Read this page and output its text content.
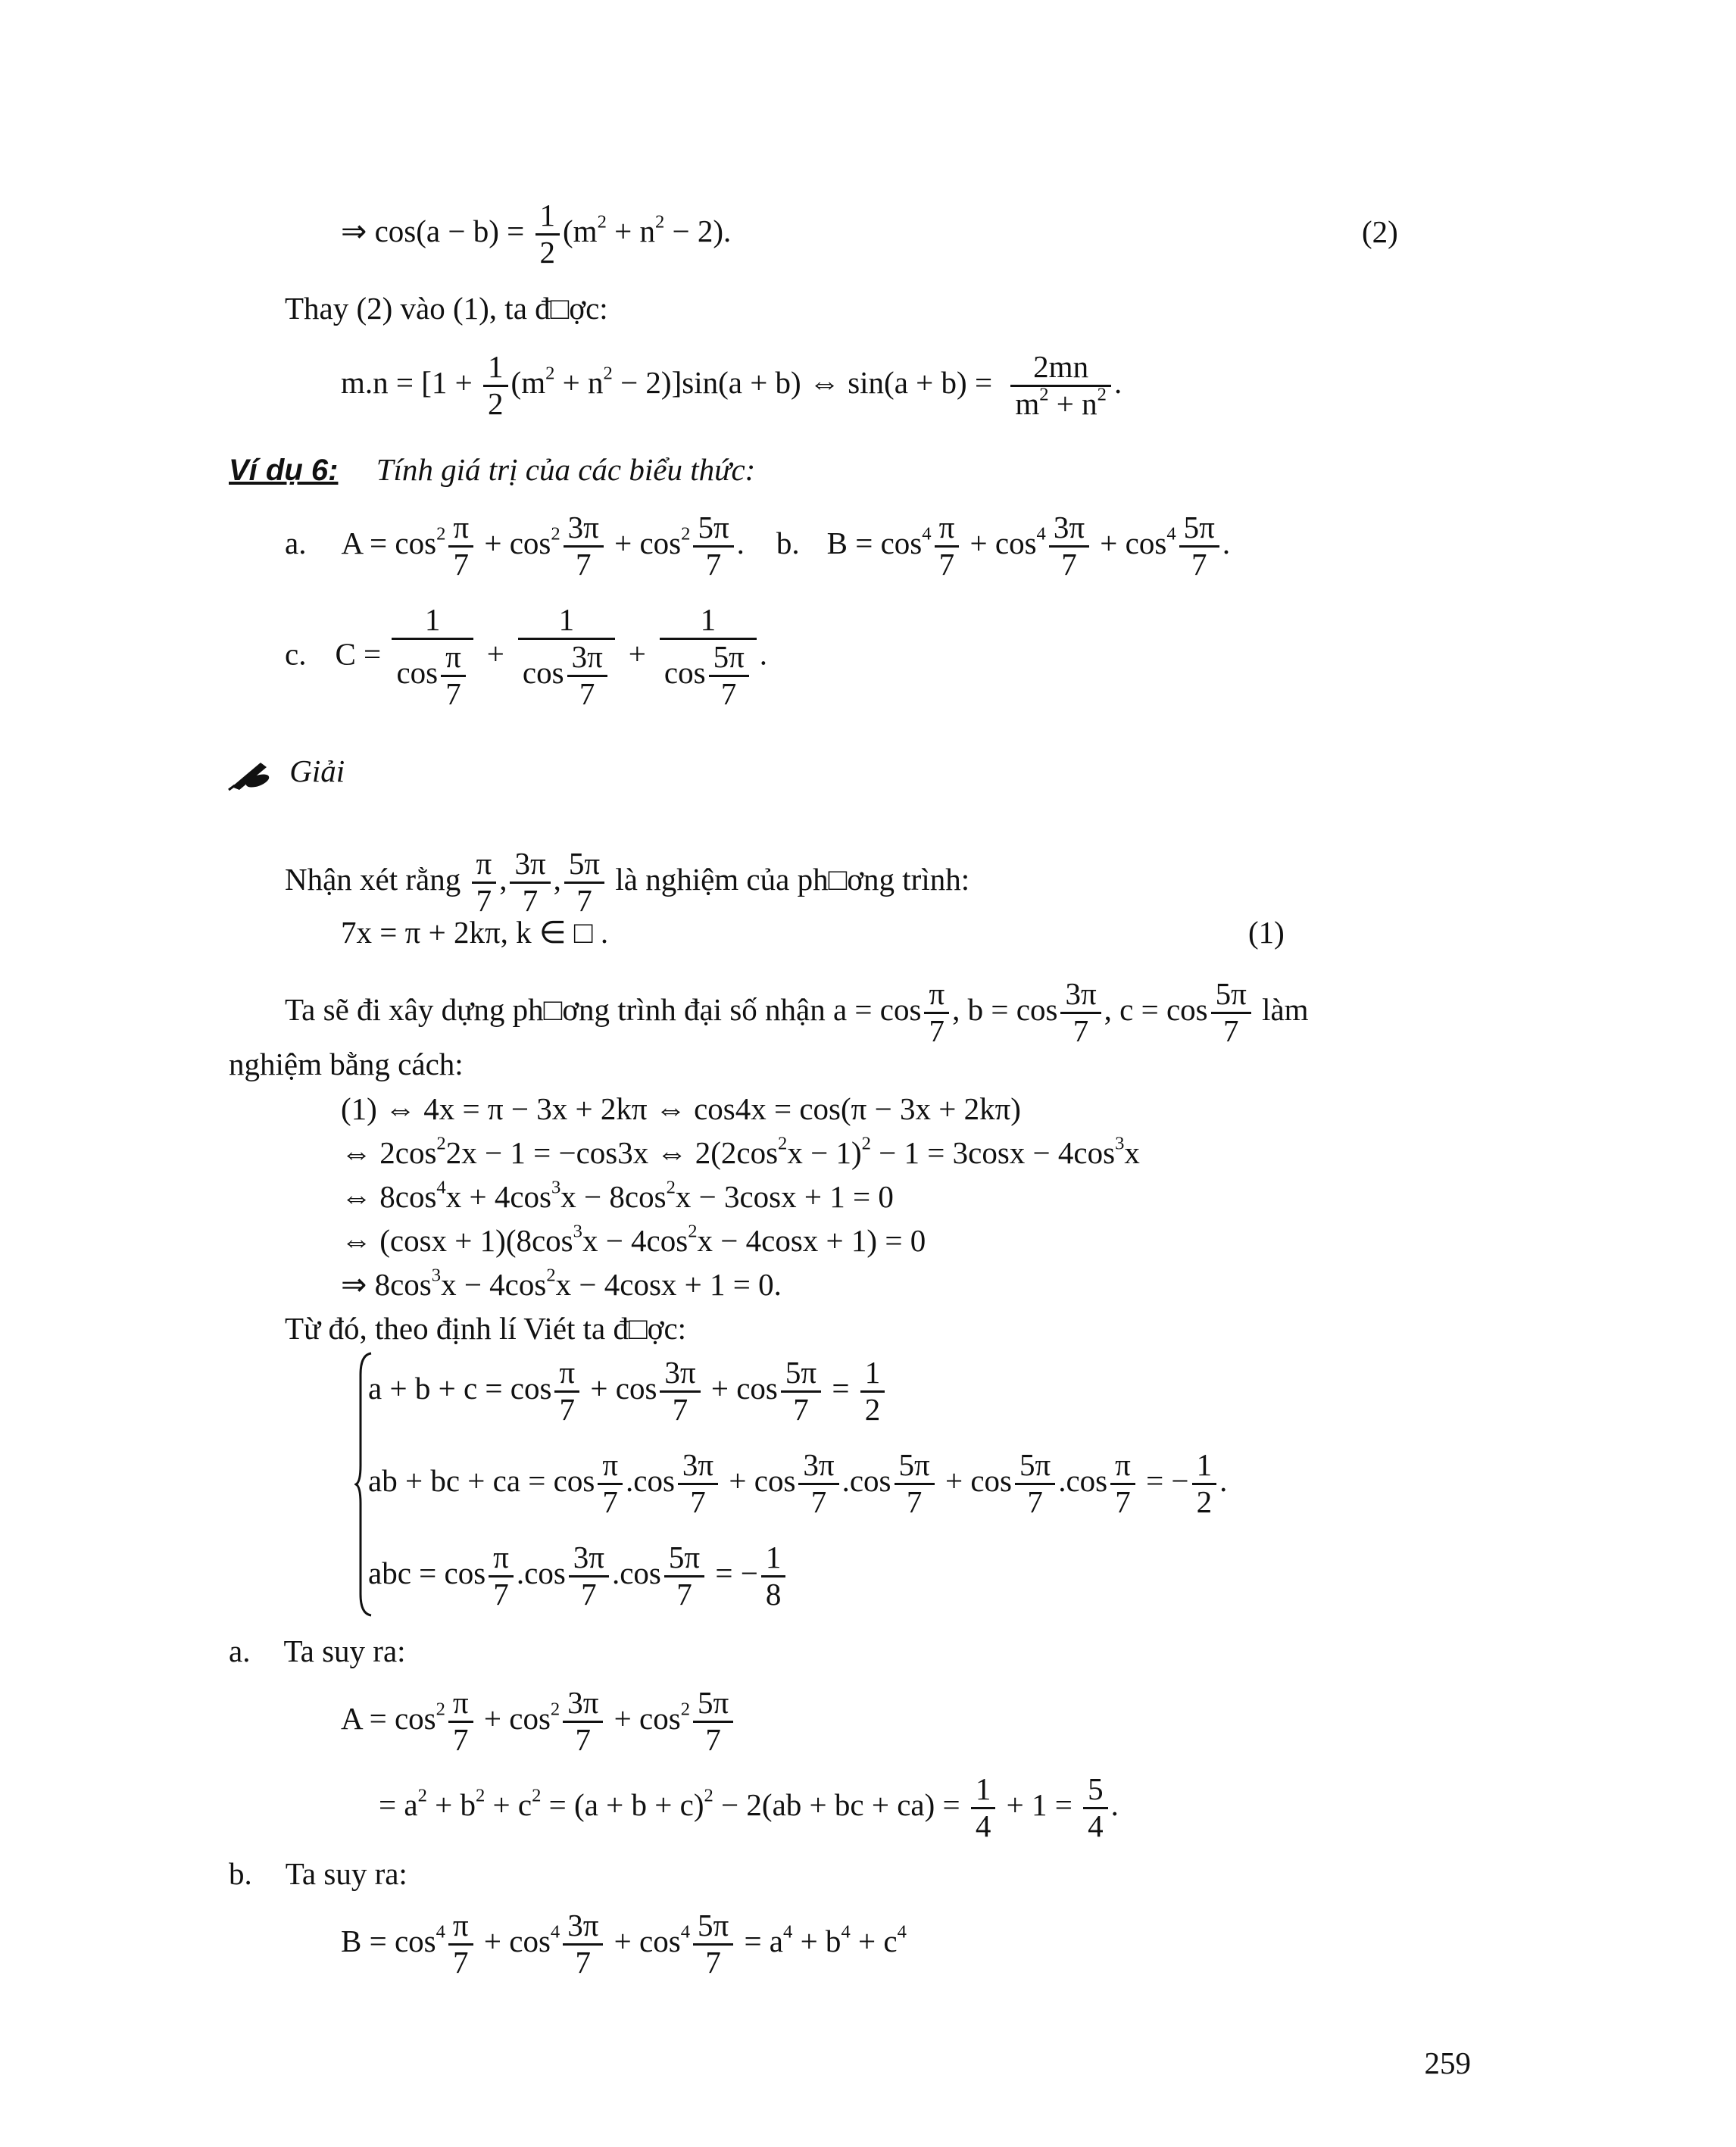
⇒ $\cos(a - b) = \frac{1}{2} (m^2 + n^2 - 2)$.	(2)
Thay (2) vào (1), ta đ□ợc:
$m.n = [1 + \frac{1}{2} (m^2 + n^2 - 2)]\sin(a + b)$ ⇔ $\sin(a + b) = \frac{2mn}{m^2 + n^2}$ .
Ví dụ 6: Tính giá trị của các biểu thức:
a. $A = \cos^2 \frac{\pi}{7} + \cos^2 \frac{3\pi}{7} + \cos^2 \frac{5\pi}{7}$ . b. $B = \cos^4 \frac{\pi}{7} + \cos^4 \frac{3\pi}{7} + \cos^4 \frac{5\pi}{7}$ .
c. $C = \frac{1}{\cos \frac{\pi}{7}} + \frac{1}{\cos \frac{3\pi}{7}} + \frac{1}{\cos \frac{5\pi}{7}}$ .
Giải
Nhận xét rằng $\frac{\pi}{7}$ , $\frac{3\pi}{7}$ , $\frac{5\pi}{7}$ là nghiệm của ph□ơng trình:
7x = π + 2kπ, k ∈ □ .	(1)
Ta sẽ đi xây dựng ph□ơng trình đại số nhận $a = \cos \frac{\pi}{7}$ , $b = \cos \frac{3\pi}{7}$ , $c = \cos \frac{5\pi}{7}$ làm
nghiệm bằng cách:
(1) ⇔ 4x = π − 3x + 2kπ ⇔ cos4x = cos(π − 3x + 2kπ)
⇔ $2\cos^22x - 1 = -\cos 3x$ ⇔ $2(2\cos^2x - 1)^2 - 1 = 3\cos x - 4\cos^3x$
⇔ $8\cos^4x + 4\cos^3x - 8\cos^2x - 3\cos x + 1 = 0$
⇔ $(\cos x + 1)(8\cos^3x - 4\cos^2x - 4\cos x + 1) = 0$
⇒ $8\cos^3x - 4\cos^2x - 4\cos x + 1 = 0$.
Từ đó, theo định lí Viét ta đ□ợc:
$a + b + c = \cos \frac{\pi}{7} + \cos \frac{3\pi}{7} + \cos \frac{5\pi}{7} = \frac{1}{2}$
ab + bc + ca = $\cos \frac{\pi}{7} .\cos \frac{3\pi}{7} + \cos \frac{3\pi}{7} .\cos \frac{5\pi}{7} + \cos \frac{5\pi}{7} .\cos \frac{\pi}{7}$ = − $\frac{1}{2}$ .
abc = $\cos \frac{\pi}{7} .\cos \frac{3\pi}{7} .\cos \frac{5\pi}{7}$ = − $\frac{1}{8}$
a. Ta suy ra:
$A = \cos^2 \frac{\pi}{7} + \cos^2 \frac{3\pi}{7} + \cos^2 \frac{5\pi}{7}$
= $a^2 + b^2 + c^2 = (a + b + c)^2 - 2(ab$ + bc + $ca) = \frac{1}{4} + 1 = \frac{5}{4}$ .
b. Ta suy ra:
$B = \cos^4 \frac{\pi}{7} + \cos^4 \frac{3\pi}{7} + \cos^4 \frac{5\pi}{7} = a^4 + b^4 + c^4$
259
